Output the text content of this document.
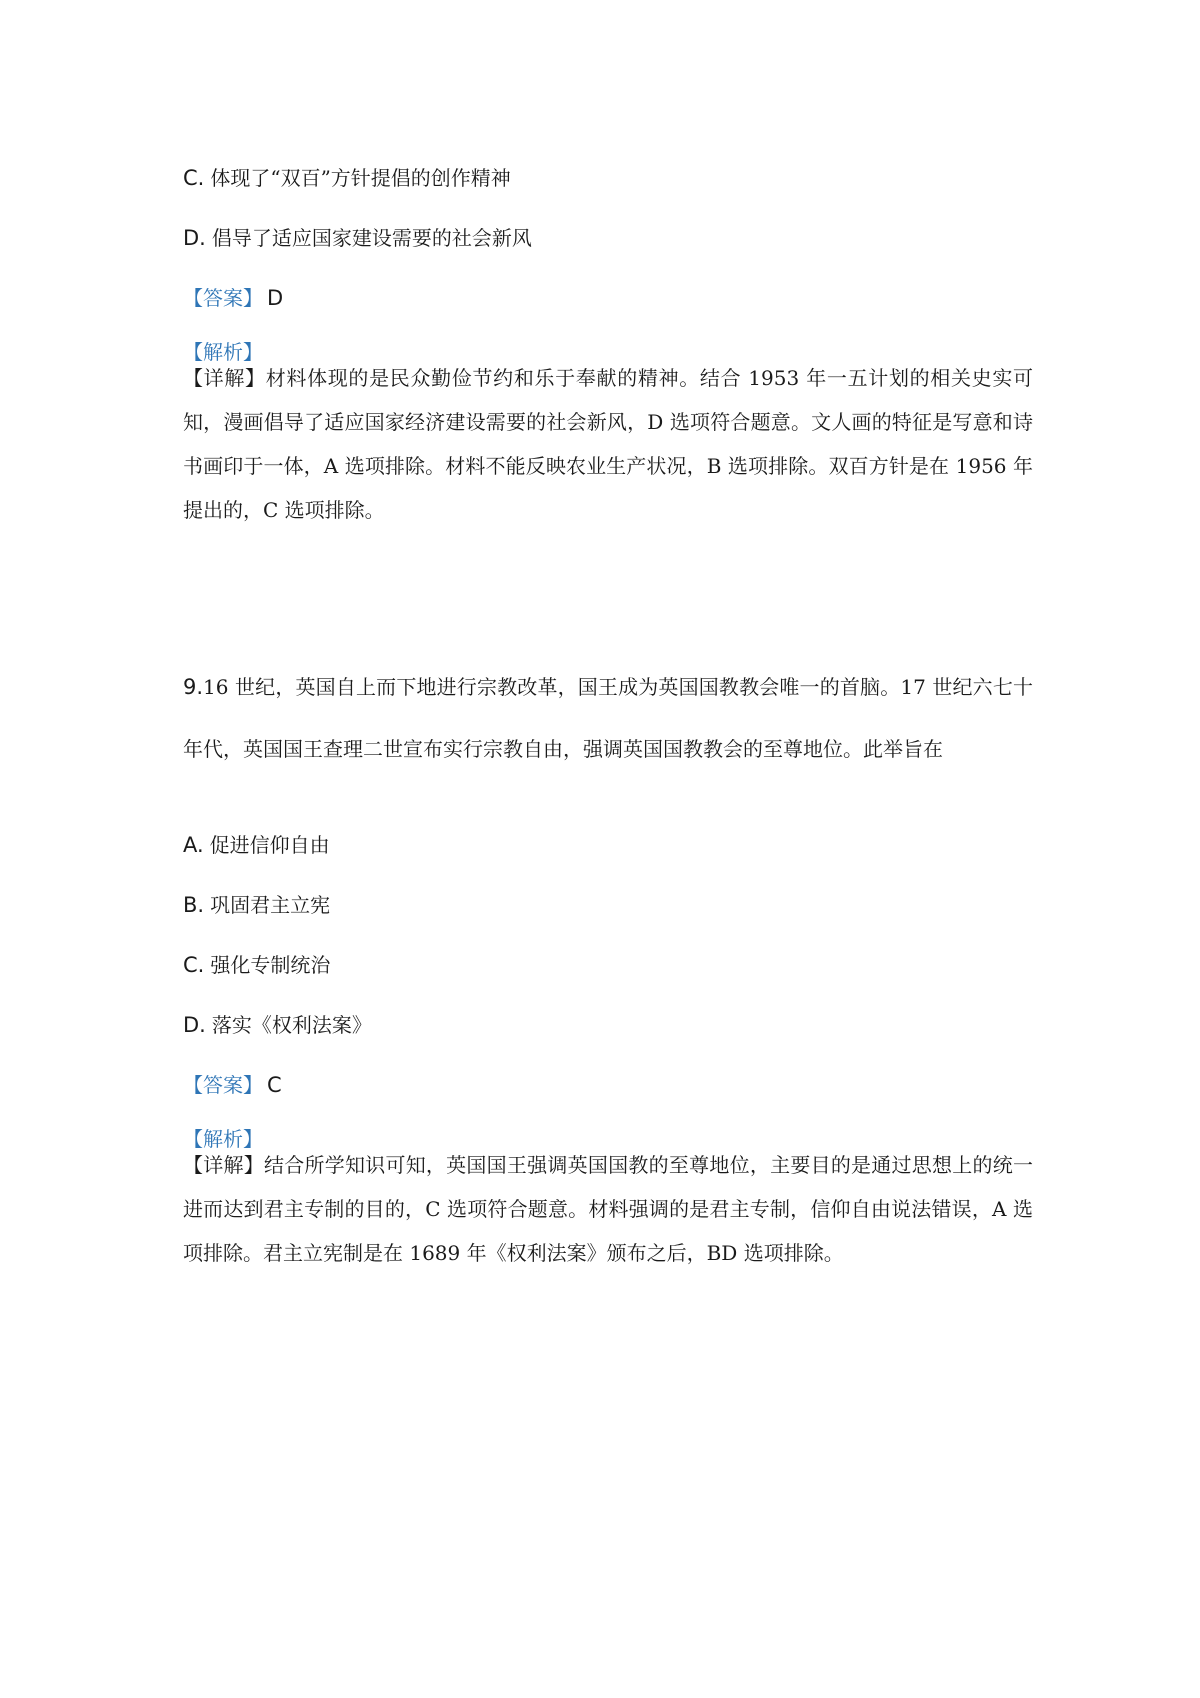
C. 体现了“双百”方针提倡的创作精神
D. 倡导了适应国家建设需要的社会新风
【答案】 D
【解析】
【详解】材料体现的是民众勤俭节约和乐于奉献的精神。结合 1953 年一五计划的相关史实可知，漫画倡导了适应国家经济建设需要的社会新风，D 选项符合题意。文人画的特征是写意和诗书画印于一体，A 选项排除。材料不能反映农业生产状况，B 选项排除。双百方针是在 1956 年提出的，C 选项排除。
9.16 世纪，英国自上而下地进行宗教改革，国王成为英国国教教会唯一的首脑。17 世纪六七十年代，英国国王查理二世宣布实行宗教自由，强调英国国教教会的至尊地位。此举旨在
A. 促进信仰自由
B. 巩固君主立宪
C. 强化专制统治
D. 落实《权利法案》
【答案】 C
【解析】
【详解】结合所学知识可知，英国国王强调英国国教的至尊地位，主要目的是通过思想上的统一进而达到君主专制的目的，C 选项符合题意。材料强调的是君主专制，信仰自由说法错误，A 选项排除。君主立宪制是在 1689 年《权利法案》颁布之后，BD 选项排除。
